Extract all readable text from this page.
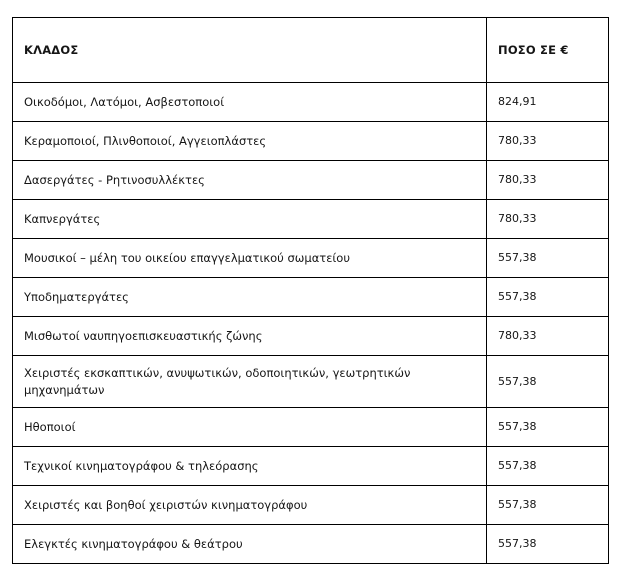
ΚΛΑΔΟΣ	ΠΟΣΟ ΣΕ €
Οικοδόμοι, Λατόμοι, Ασβεστοποιοί	824,91
Κεραμοποιοί, Πλινθοποιοί, Αγγειοπλάστες	780,33
Δασεργάτες - Ρητινοσυλλέκτες	780,33
Καπνεργάτες	780,33
Μουσικοί – μέλη του οικείου επαγγελματικού σωματείου	557,38
Υποδηματεργάτες	557,38
Μισθωτοί ναυπηγοεπισκευαστικής ζώνης	780,33
Χειριστές εκσκαπτικών, ανυψωτικών, οδοποιητικών, γεωτρητικών μηχανημάτων	557,38
Ηθοποιοί	557,38
Τεχνικοί κινηματογράφου & τηλεόρασης	557,38
Χειριστές και βοηθοί χειριστών κινηματογράφου	557,38
Ελεγκτές κινηματογράφου & θεάτρου	557,38
